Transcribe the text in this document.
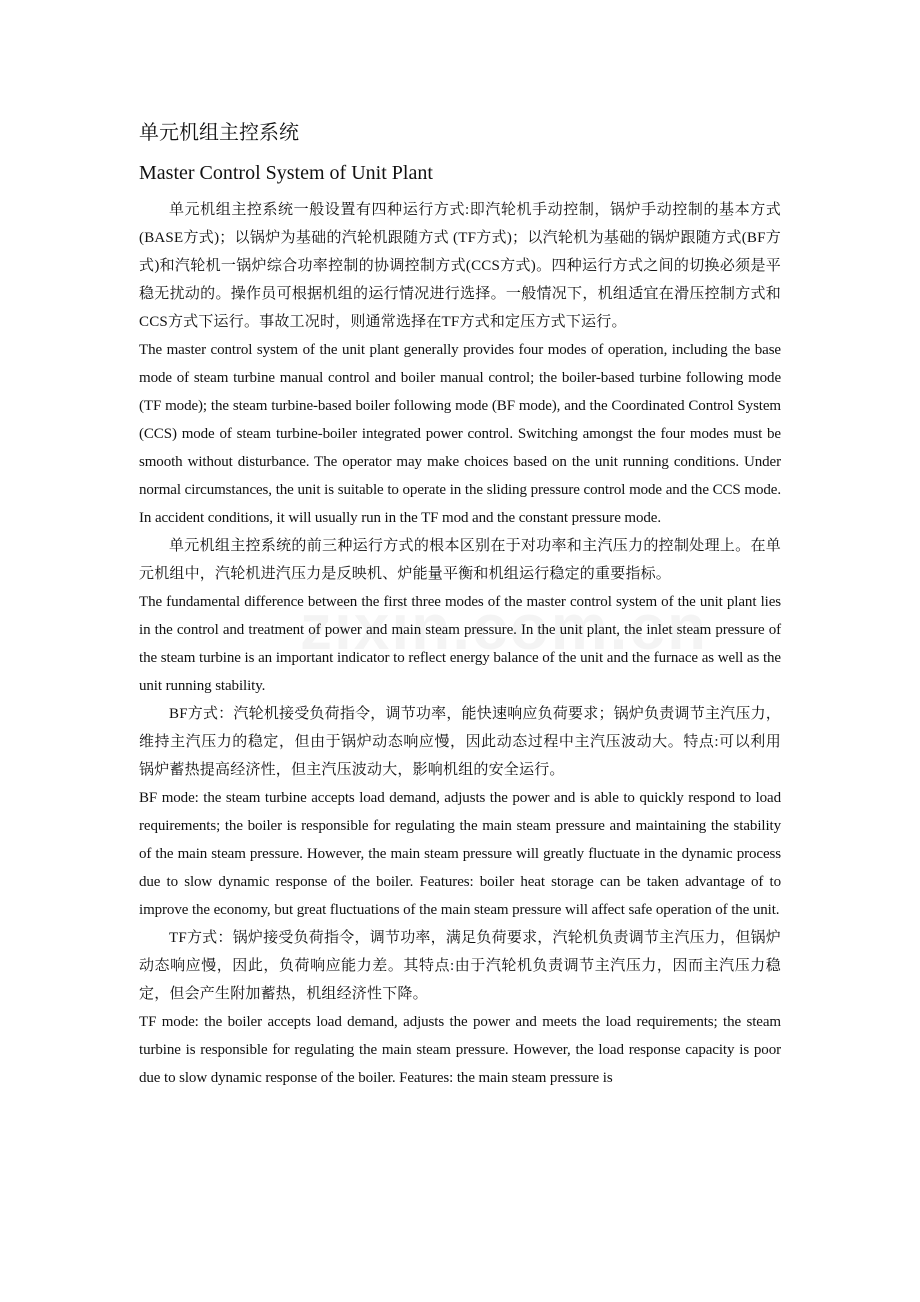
单元机组主控系统
Master Control System of Unit Plant

单元机组主控系统一般设置有四种运行方式:即汽轮机手动控制，锅炉手动控制的基本方式(BASE方式)；以锅炉为基础的汽轮机跟随方式 (TF方式)；以汽轮机为基础的锅炉跟随方式(BF方式)和汽轮机一锅炉综合功率控制的协调控制方式(CCS方式)。四种运行方式之间的切换必须是平稳无扰动的。操作员可根据机组的运行情况进行选择。一般情况下，机组适宜在滑压控制方式和CCS方式下运行。事故工况时，则通常选择在TF方式和定压方式下运行。

The master control system of the unit plant generally provides four modes of operation, including the base mode of steam turbine manual control and boiler manual control; the boiler-based turbine following mode (TF mode); the steam turbine-based boiler following mode (BF mode), and the Coordinated Control System (CCS) mode of steam turbine-boiler integrated power control. Switching amongst the four modes must be smooth without disturbance. The operator may make choices based on the unit running conditions. Under normal circumstances, the unit is suitable to operate in the sliding pressure control mode and the CCS mode. In accident conditions, it will usually run in the TF mod and the constant pressure mode.

单元机组主控系统的前三种运行方式的根本区别在于对功率和主汽压力的控制处理上。在单元机组中，汽轮机进汽压力是反映机、炉能量平衡和机组运行稳定的重要指标。

The fundamental difference between the first three modes of the master control system of the unit plant lies in the control and treatment of power and main steam pressure. In the unit plant, the inlet steam pressure of the steam turbine is an important indicator to reflect energy balance of the unit and the furnace as well as the unit running stability.

BF方式：汽轮机接受负荷指令，调节功率，能快速响应负荷要求；锅炉负责调节主汽压力，维持主汽压力的稳定，但由于锅炉动态响应慢，因此动态过程中主汽压波动大。特点:可以利用锅炉蓄热提高经济性，但主汽压波动大，影响机组的安全运行。

BF mode: the steam turbine accepts load demand, adjusts the power and is able to quickly respond to load requirements; the boiler is responsible for regulating the main steam pressure and maintaining the stability of the main steam pressure. However, the main steam pressure will greatly fluctuate in the dynamic process due to slow dynamic response of the boiler. Features: boiler heat storage can be taken advantage of to improve the economy, but great fluctuations of the main steam pressure will affect safe operation of the unit.

TF方式：锅炉接受负荷指令，调节功率，满足负荷要求，汽轮机负责调节主汽压力，但锅炉动态响应慢，因此，负荷响应能力差。其特点:由于汽轮机负责调节主汽压力，因而主汽压力稳定，但会产生附加蓄热，机组经济性下降。

TF mode: the boiler accepts load demand, adjusts the power and meets the load requirements; the steam turbine is responsible for regulating the main steam pressure. However, the load response capacity is poor due to slow dynamic response of the boiler. Features: the main steam pressure is
